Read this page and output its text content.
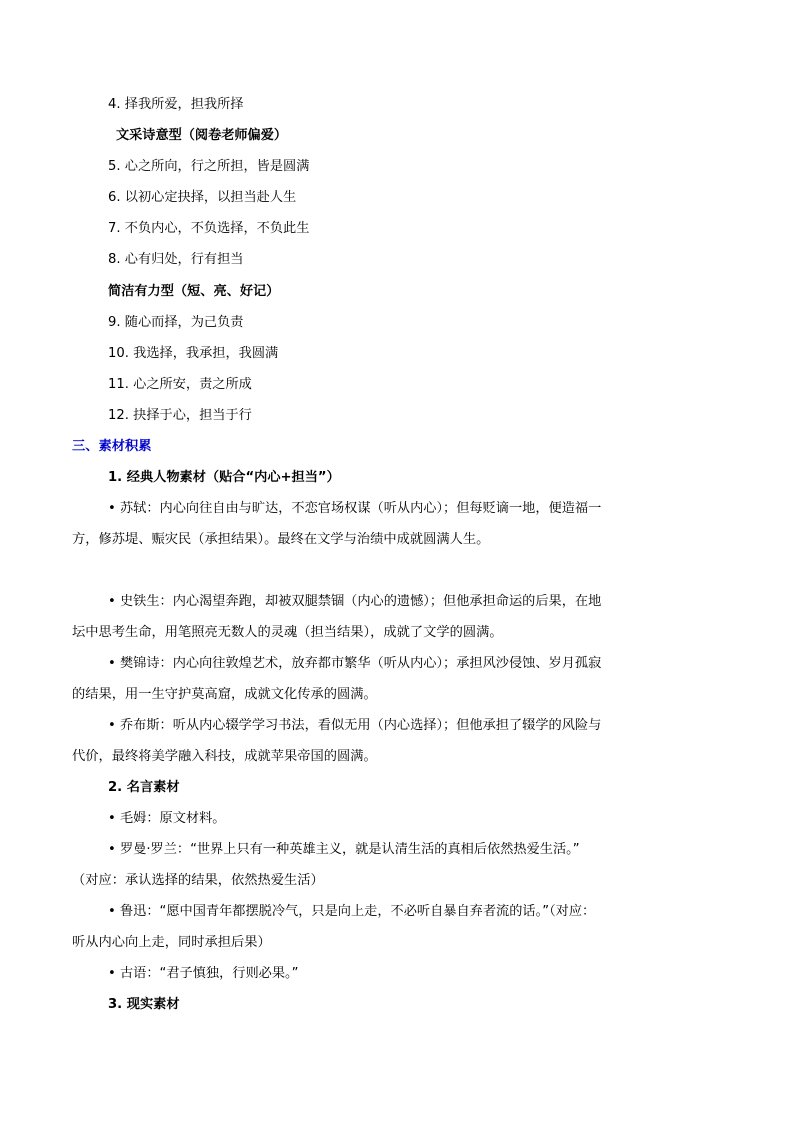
4. 择我所爱，担我所择
文采诗意型（阅卷老师偏爱）
5. 心之所向，行之所担，皆是圆满
6. 以初心定抉择，以担当赴人生
7. 不负内心，不负选择，不负此生
8. 心有归处，行有担当
简洁有力型（短、亮、好记）
9. 随心而择，为己负责
10. 我选择，我承担，我圆满
11. 心之所安，责之所成
12. 抉择于心，担当于行
三、素材积累
1. 经典人物素材（贴合“内心+担当”）
• 苏轼：内心向往自由与旷达，不恋官场权谋（听从内心）；但每贬谪一地，便造福一
方，修苏堤、赈灾民（承担结果）。最终在文学与治绩中成就圆满人生。
• 史铁生：内心渴望奔跑，却被双腿禁锢（内心的遗憾）；但他承担命运的后果，在地
坛中思考生命，用笔照亮无数人的灵魂（担当结果），成就了文学的圆满。
• 樊锦诗：内心向往敦煌艺术，放弃都市繁华（听从内心）；承担风沙侵蚀、岁月孤寂
的结果，用一生守护莫高窟，成就文化传承的圆满。
• 乔布斯：听从内心辍学学习书法，看似无用（内心选择）；但他承担了辍学的风险与
代价，最终将美学融入科技，成就苹果帝国的圆满。
2. 名言素材
• 毛姆：原文材料。
• 罗曼·罗兰：“世界上只有一种英雄主义，就是认清生活的真相后依然热爱生活。”
（对应：承认选择的结果，依然热爱生活）
• 鲁迅：“愿中国青年都摆脱冷气，只是向上走，不必听自暴自弃者流的话。”（对应：
听从内心向上走，同时承担后果）
• 古语：“君子慎独，行则必果。”
3. 现实素材
